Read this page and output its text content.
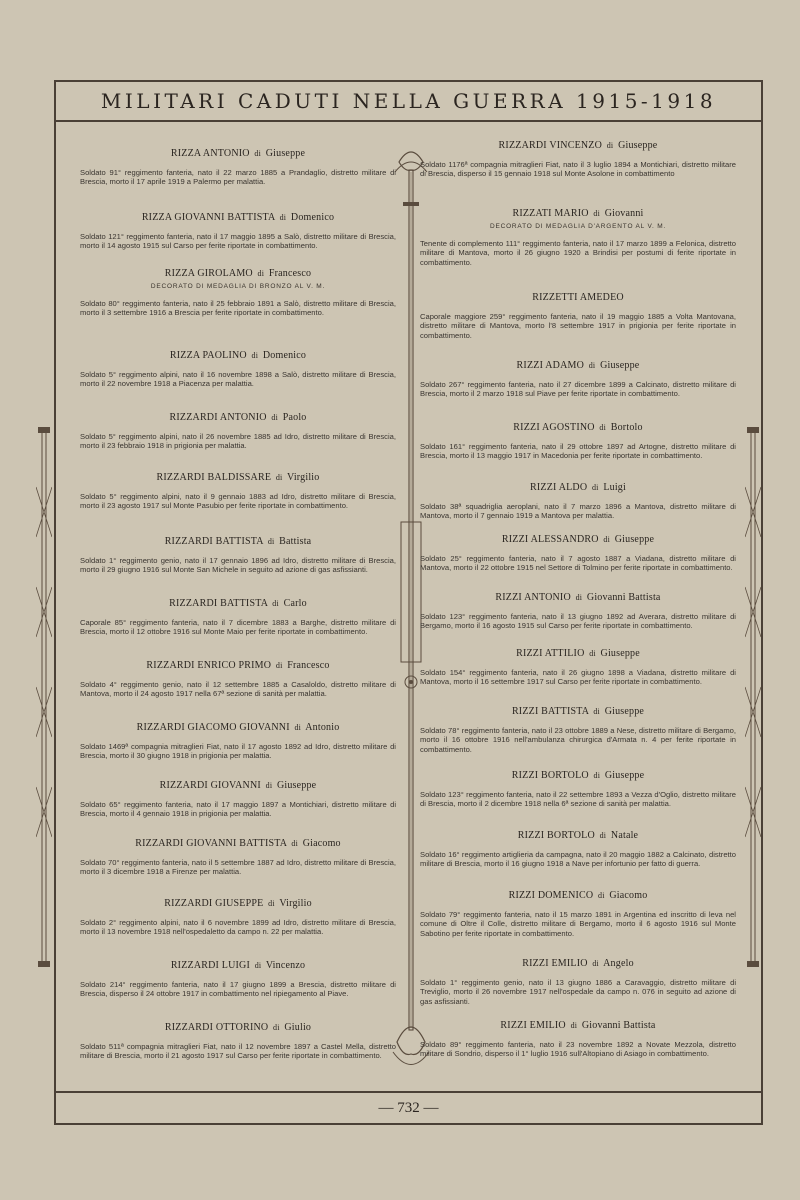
MILITARI CADUTI NELLA GUERRA 1915-1918
RIZZA ANTONIO di Giuseppe
Soldato 91° reggimento fanteria, nato il 22 marzo 1885 a Prandaglio, distretto militare di Brescia, morto il 17 aprile 1919 a Palermo per malattia.
RIZZA GIOVANNI BATTISTA di Domenico
Soldato 121° reggimento fanteria, nato il 17 maggio 1895 a Salò, distretto militare di Brescia, morto il 14 agosto 1915 sul Carso per ferite riportate in combattimento.
RIZZA GIROLAMO di Francesco
DECORATO DI MEDAGLIA DI BRONZO AL V. M.
Soldato 80° reggimento fanteria, nato il 25 febbraio 1891 a Salò, distretto militare di Brescia, morto il 3 settembre 1916 a Brescia per ferite riportate in combattimento.
RIZZA PAOLINO di Domenico
Soldato 5° reggimento alpini, nato il 16 novembre 1898 a Salò, distretto militare di Brescia, morto il 22 novembre 1918 a Piacenza per malattia.
RIZZARDI ANTONIO di Paolo
Soldato 5° reggimento alpini, nato il 26 novembre 1885 ad Idro, distretto militare di Brescia, morto il 23 febbraio 1918 in prigionia per malattia.
RIZZARDI BALDISSARE di Virgilio
Soldato 5° reggimento alpini, nato il 9 gennaio 1883 ad Idro, distretto militare di Brescia, morto il 23 agosto 1917 sul Monte Pasubio per ferite riportate in combattimento.
RIZZARDI BATTISTA di Battista
Soldato 1° reggimento genio, nato il 17 gennaio 1896 ad Idro, distretto militare di Brescia, morto il 29 giugno 1916 sul Monte San Michele in seguito ad azione di gas asfissianti.
RIZZARDI BATTISTA di Carlo
Caporale 85° reggimento fanteria, nato il 7 dicembre 1883 a Barghe, distretto militare di Brescia, morto il 12 ottobre 1916 sul Monte Maio per ferite riportate in combattimento.
RIZZARDI ENRICO PRIMO di Francesco
Soldato 4° reggimento genio, nato il 12 settembre 1885 a Casaloldo, distretto militare di Mantova, morto il 24 agosto 1917 nella 67ª sezione di sanità per malattia.
RIZZARDI GIACOMO GIOVANNI di Antonio
Soldato 1469ª compagnia mitraglieri Fiat, nato il 17 agosto 1892 ad Idro, distretto militare di Brescia, morto il 30 giugno 1918 in prigionia per malattia.
RIZZARDI GIOVANNI di Giuseppe
Soldato 65° reggimento fanteria, nato il 17 maggio 1897 a Montichiari, distretto militare di Brescia, morto il 4 gennaio 1918 in prigionia per malattia.
RIZZARDI GIOVANNI BATTISTA di Giacomo
Soldato 70° reggimento fanteria, nato il 5 settembre 1887 ad Idro, distretto militare di Brescia, morto il 3 dicembre 1918 a Firenze per malattia.
RIZZARDI GIUSEPPE di Virgilio
Soldato 2° reggimento alpini, nato il 6 novembre 1899 ad Idro, distretto militare di Brescia, morto il 13 novembre 1918 nell'ospedaletto da campo n. 22 per malattia.
RIZZARDI LUIGI di Vincenzo
Soldato 214° reggimento fanteria, nato il 17 giugno 1899 a Brescia, distretto militare di Brescia, disperso il 24 ottobre 1917 in combattimento nel ripiegamento al Piave.
RIZZARDI OTTORINO di Giulio
Soldato 511ª compagnia mitraglieri Fiat, nato il 12 novembre 1897 a Castel Mella, distretto militare di Brescia, morto il 21 agosto 1917 sul Carso per ferite riportate in combattimento.
RIZZARDI VINCENZO di Giuseppe
Soldato 1176ª compagnia mitraglieri Fiat, nato il 3 luglio 1894 a Montichiari, distretto militare di Brescia, disperso il 15 gennaio 1918 sul Monte Asolone in combattimento
RIZZATI MARIO di Giovanni
DECORATO DI MEDAGLIA D'ARGENTO AL V. M.
Tenente di complemento 111° reggimento fanteria, nato il 17 marzo 1899 a Felonica, distretto militare di Mantova, morto il 26 giugno 1920 a Brindisi per postumi di ferite riportate in combattimento.
RIZZETTI AMEDEO
Caporale maggiore 259° reggimento fanteria, nato il 19 maggio 1885 a Volta Mantovana, distretto militare di Mantova, morto l'8 settembre 1917 in prigionia per ferite riportate in combattimento.
RIZZI ADAMO di Giuseppe
Soldato 267° reggimento fanteria, nato il 27 dicembre 1899 a Calcinato, distretto militare di Brescia, morto il 2 marzo 1918 sul Piave per ferite riportate in combattimento.
RIZZI AGOSTINO di Bortolo
Soldato 161° reggimento fanteria, nato il 29 ottobre 1897 ad Artogne, distretto militare di Brescia, morto il 13 maggio 1917 in Macedonia per ferite riportate in combattimento.
RIZZI ALDO di Luigi
Soldato 38ª squadriglia aeroplani, nato il 7 marzo 1896 a Mantova, distretto militare di Mantova, morto il 7 gennaio 1919 a Mantova per malattia.
RIZZI ALESSANDRO di Giuseppe
Soldato 25° reggimento fanteria, nato il 7 agosto 1887 a Viadana, distretto militare di Mantova, morto il 22 ottobre 1915 nel Settore di Tolmino per ferite riportate in combattimento.
RIZZI ANTONIO di Giovanni Battista
Soldato 123° reggimento fanteria, nato il 13 giugno 1892 ad Averara, distretto militare di Bergamo, morto il 16 agosto 1915 sul Carso per ferite riportate in combattimento.
RIZZI ATTILIO di Giuseppe
Soldato 154° reggimento fanteria, nato il 26 giugno 1898 a Viadana, distretto militare di Mantova, morto il 16 settembre 1917 sul Carso per ferite riportate in combattimento.
RIZZI BATTISTA di Giuseppe
Soldato 78° reggimento fanteria, nato il 23 ottobre 1889 a Nese, distretto militare di Bergamo, morto il 16 ottobre 1916 nell'ambulanza chirurgica d'Armata n. 4 per ferite riportate in combattimento.
RIZZI BORTOLO di Giuseppe
Soldato 123° reggimento fanteria, nato il 22 settembre 1893 a Vezza d'Oglio, distretto militare di Brescia, morto il 2 dicembre 1918 nella 6ª sezione di sanità per malattia.
RIZZI BORTOLO di Natale
Soldato 16° reggimento artiglieria da campagna, nato il 20 maggio 1882 a Calcinato, distretto militare di Brescia, morto il 16 giugno 1918 a Nave per infortunio per fatto di guerra.
RIZZI DOMENICO di Giacomo
Soldato 79° reggimento fanteria, nato il 15 marzo 1891 in Argentina ed inscritto di leva nel comune di Oltre il Colle, distretto militare di Bergamo, morto il 6 agosto 1916 sul Monte Sabotino per ferite riportate in combattimento.
RIZZI EMILIO di Angelo
Soldato 1° reggimento genio, nato il 13 giugno 1886 a Caravaggio, distretto militare di Treviglio, morto il 26 novembre 1917 nell'ospedale da campo n. 076 in seguito ad azione di gas asfissianti.
RIZZI EMILIO di Giovanni Battista
Soldato 89° reggimento fanteria, nato il 23 novembre 1892 a Novate Mezzola, distretto militare di Sondrio, disperso il 1° luglio 1916 sull'Altopiano di Asiago in combattimento.
— 732 —
